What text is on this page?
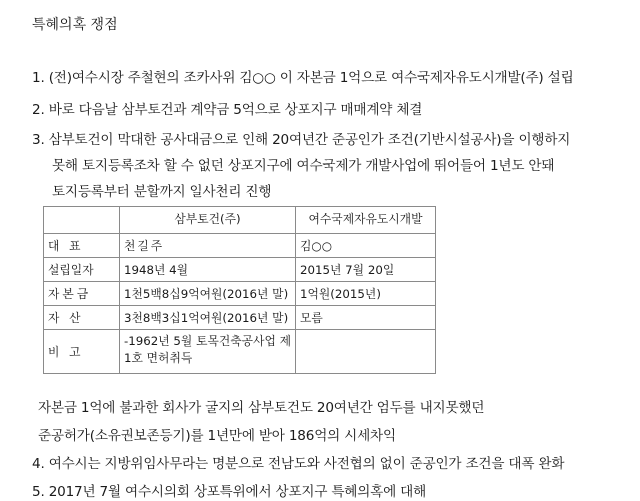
특혜의혹 쟁점
1. (전)여수시장 주철현의 조카사위 김○○ 이 자본금 1억으로 여수국제자유도시개발(주) 설립
2. 바로 다음날 삼부토건과 계약금 5억으로 상포지구 매매계약 체결
3. 삼부토건이 막대한 공사대금으로 인해 20여년간 준공인가 조건(기반시설공사)을 이행하지
못해 토지등록조차 할 수 없던 상포지구에 여수국제가 개발사업에 뛰어들어 1년도 안돼
토지등록부터 분할까지 일사천리 진행
	삼부토건(주)	여수국제자유도시개발
대 표	천길주	김○○
설립일자	1948년 4월	2015년 7월 20일
자본금	1천5백8십9억여원(2016년 말)	1억원(2015년)
자 산	3천8백3십1억여원(2016년 말)	모름
비 고	-1962년 5월 토목건축공사업 제1호 면허취득	
자본금 1억에 불과한 회사가 굴지의 삼부토건도 20여년간 엄두를 내지못했던
준공허가(소유권보존등기)를 1년만에 받아 186억의 시세차익
4. 여수시는 지방위임사무라는 명분으로 전남도와 사전협의 없이 준공인가 조건을 대폭 완화
5. 2017년 7월 여수시의회 상포특위에서 상포지구 특혜의혹에 대해
